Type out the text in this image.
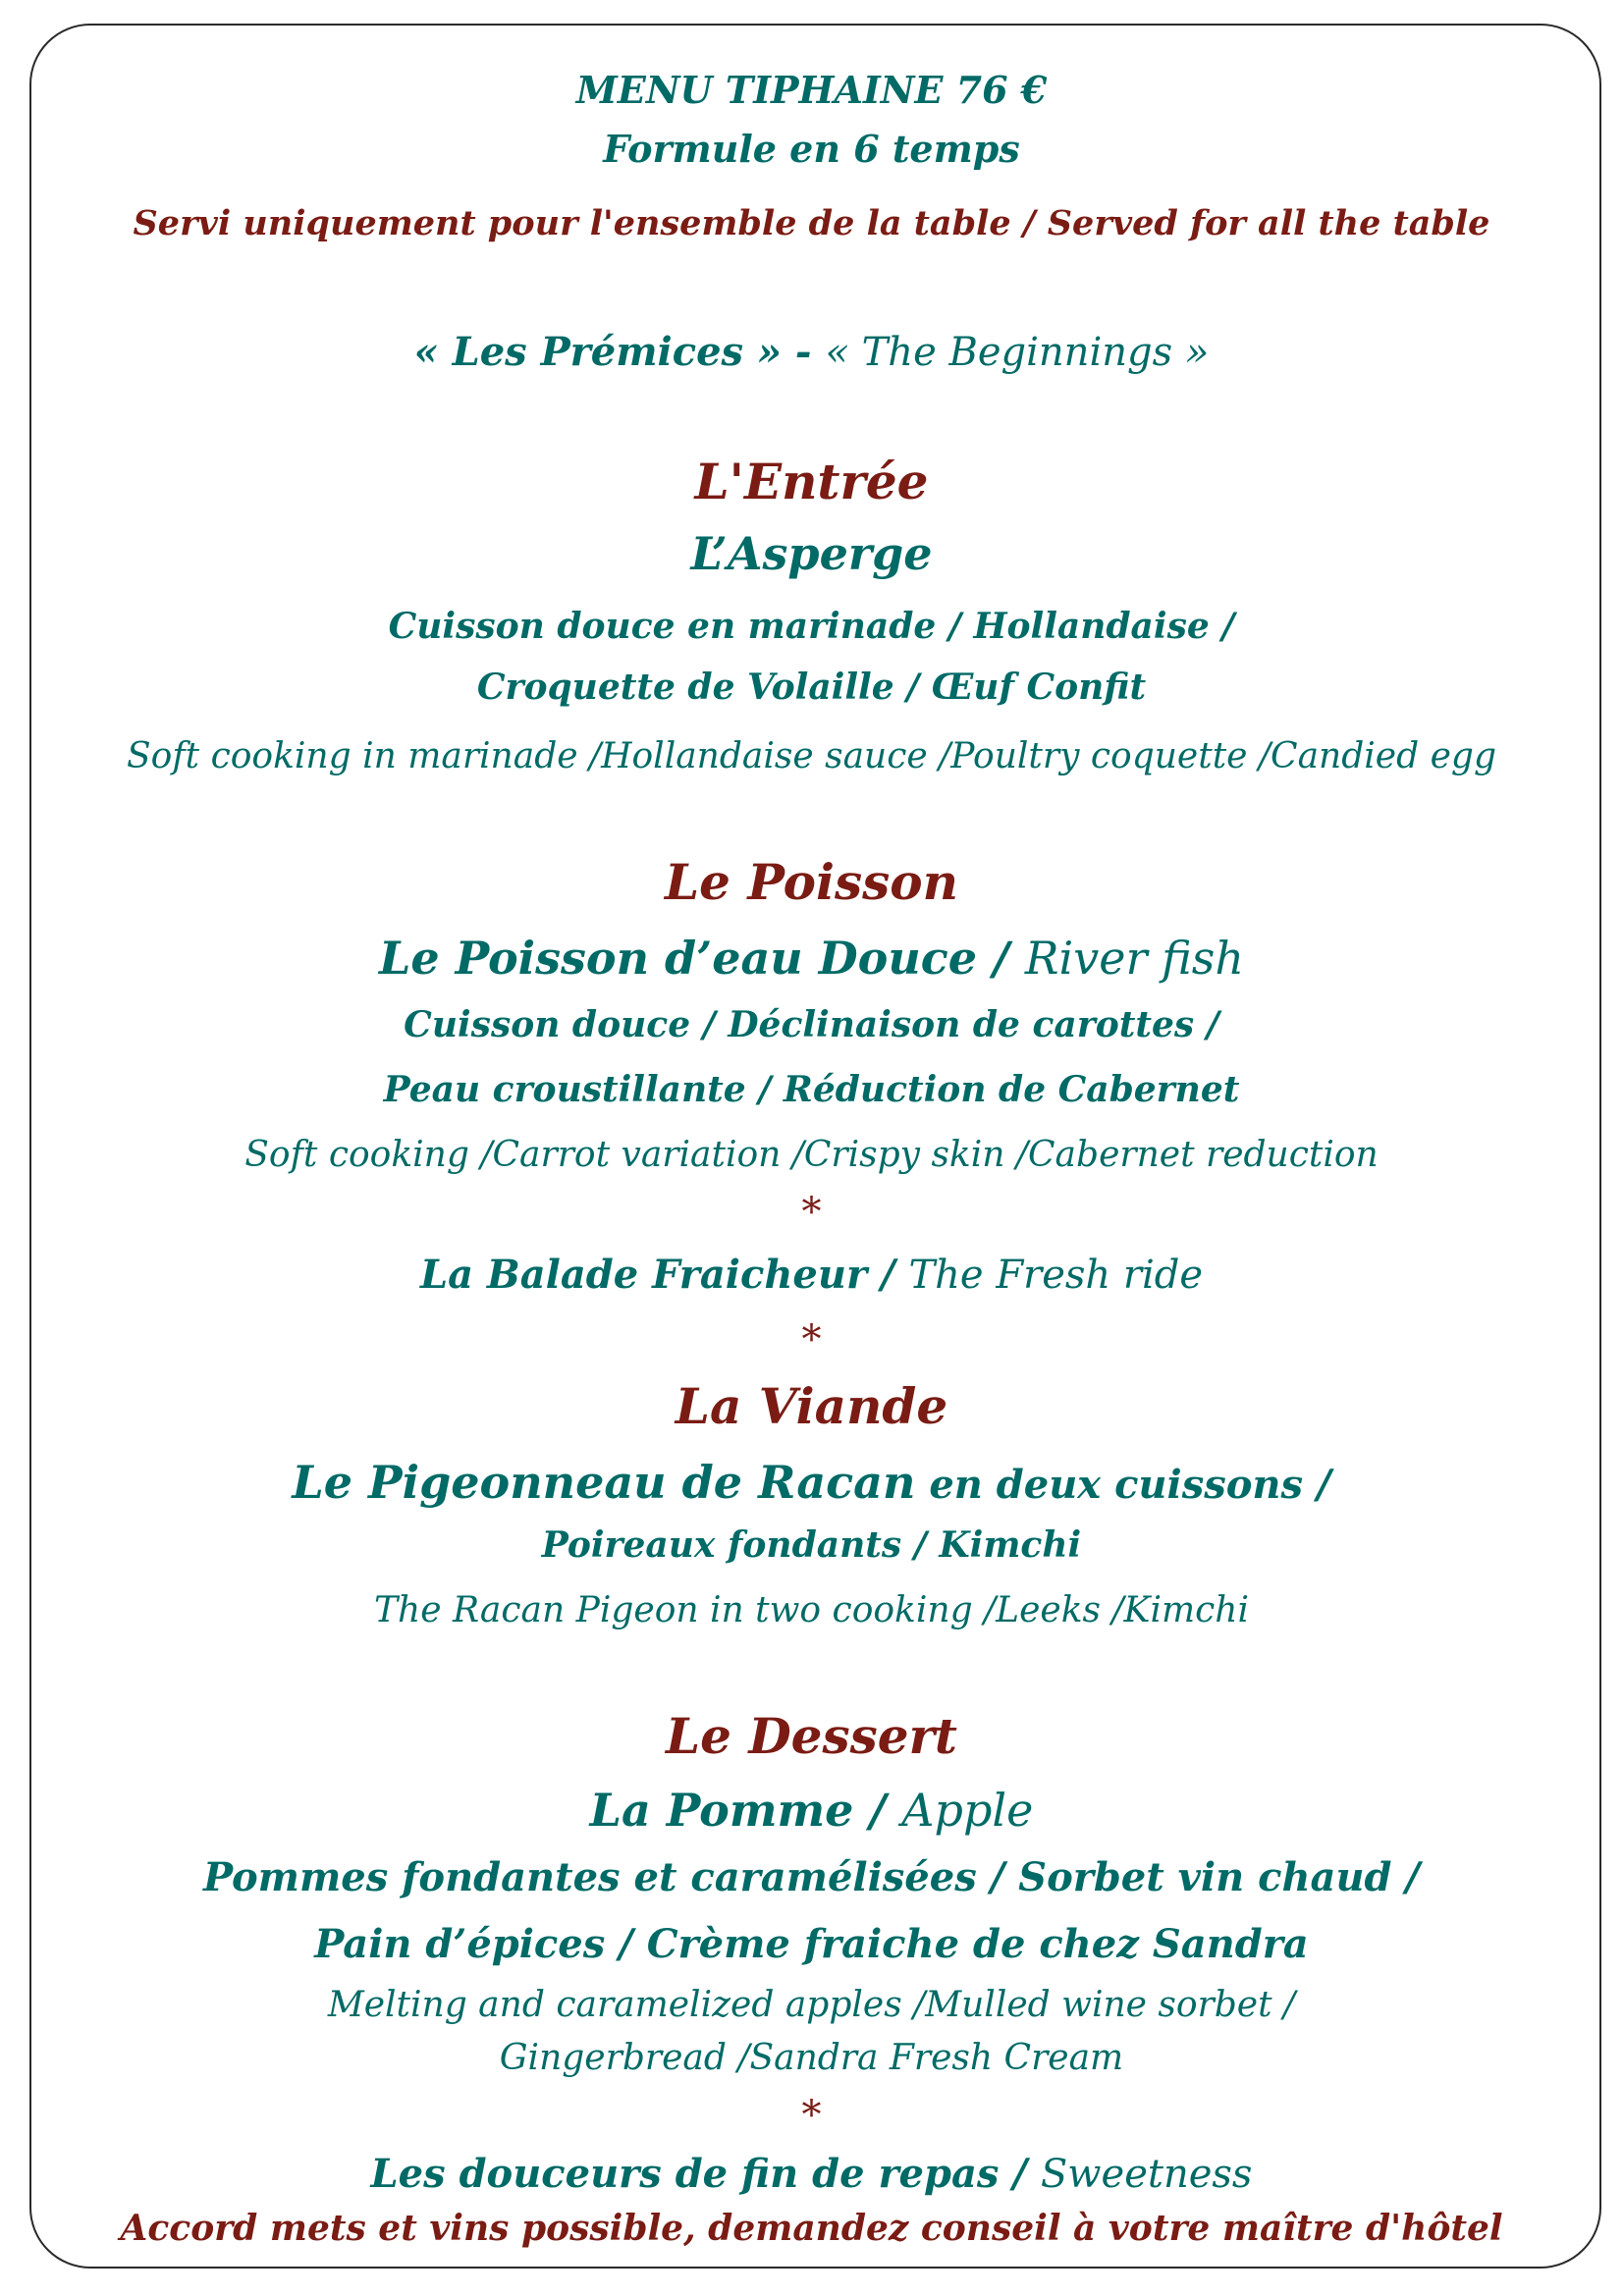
MENU TIPHAINE 76 €
Formule en 6 temps
Servi uniquement pour l'ensemble de la table / Served for all the table
« Les Prémices » - « The Beginnings »
L'Entrée
L’Asperge
Cuisson douce en marinade / Hollandaise /
Croquette de Volaille / Œuf Confit
Soft cooking in marinade /Hollandaise sauce /Poultry coquette /Candied egg
Le Poisson
Le Poisson d’eau Douce / River fish
Cuisson douce / Déclinaison de carottes /
Peau croustillante / Réduction de Cabernet
Soft cooking /Carrot variation /Crispy skin /Cabernet reduction
*
La Balade Fraicheur / The Fresh ride
*
La Viande
Le Pigeonneau de Racan en deux cuissons /
Poireaux fondants / Kimchi
The Racan Pigeon in two cooking /Leeks /Kimchi
Le Dessert
La Pomme / Apple
Pommes fondantes et caramélisées / Sorbet vin chaud /
Pain d’épices / Crème fraiche de chez Sandra
Melting and caramelized apples /Mulled wine sorbet /
Gingerbread /Sandra Fresh Cream
*
Les douceurs de fin de repas / Sweetness
Accord mets et vins possible, demandez conseil à votre maître d'hôtel
